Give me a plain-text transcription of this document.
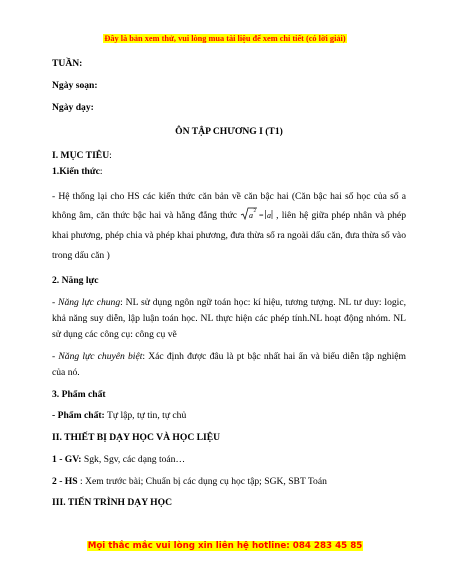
Đây là bản xem thử, vui lòng mua tài liệu để xem chi tiết (có lời giải)

TUẦN:

Ngày soạn:

Ngày dạy:

ÔN TẬP CHƯƠNG I (T1)

I. MỤC TIÊU:

1.Kiến thức:

- Hệ thống lại cho HS các kiến thức căn bản về căn bậc hai (Căn bậc hai số học của số a không âm, căn thức bậc hai và hằng đẳng thức a 2 = a , liên hệ giữa phép nhân và phép khai phương, phép chia và phép khai phương, đưa thừa số ra ngoài dấu căn, đưa thừa số vào trong dấu căn )

2. Năng lực

- Năng lực chung: NL sử dụng ngôn ngữ toán học: kí hiệu, tương tượng. NL tư duy: logic, khả năng suy diễn, lập luận toán học. NL thực hiện các phép tính.NL hoạt động nhóm. NL sử dụng các công cụ: công cụ vẽ

- Năng lực chuyên biệt: Xác định được đâu là pt bậc nhất hai ẩn và biểu diễn tập nghiệm của nó.

3. Phẩm chất

- Phẩm chất: Tự lập, tự tin, tự chủ

II. THIẾT BỊ DẠY HỌC VÀ HỌC LIỆU

1 - GV: Sgk, Sgv, các dạng toán…

2 - HS : Xem trước bài; Chuẩn bị các dụng cụ học tập; SGK, SBT Toán

III. TIẾN TRÌNH DẠY HỌC

Mọi thắc mắc vui lòng xin liên hệ hotline: 084 283 45 85
